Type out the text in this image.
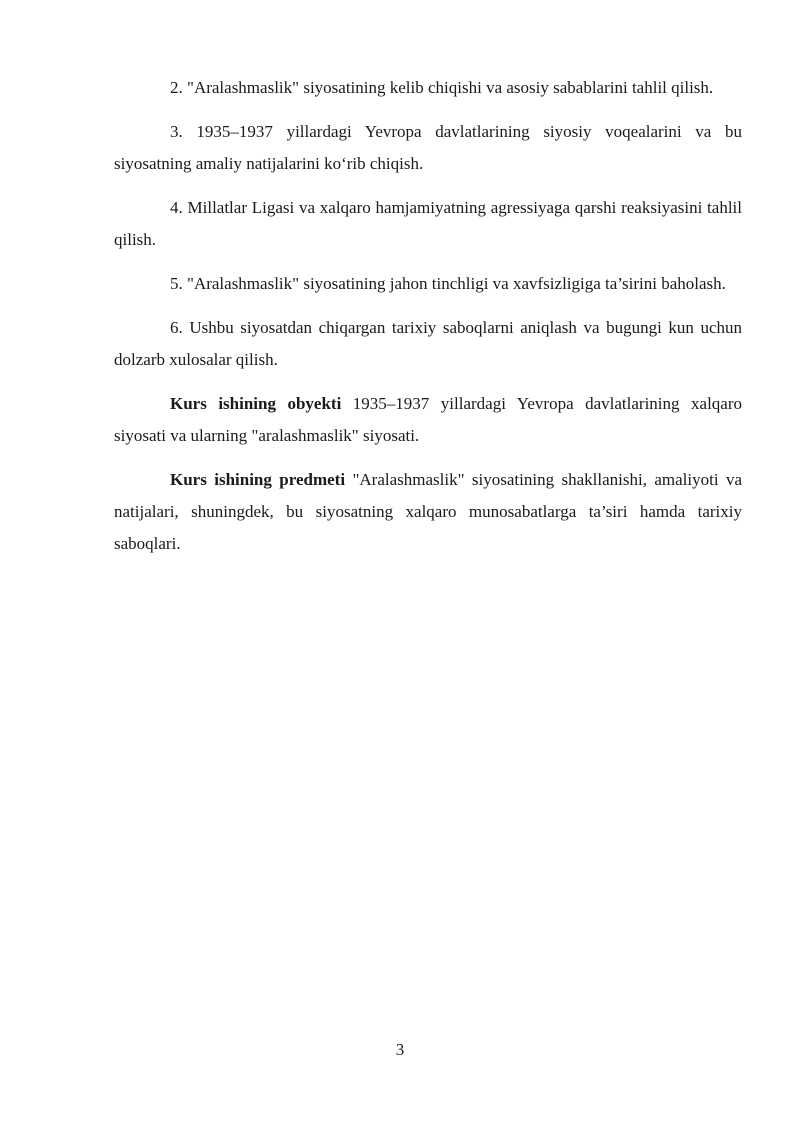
2. "Aralashmaslik" siyosatining kelib chiqishi va asosiy sabablarini tahlil qilish.

3. 1935–1937 yillardagi Yevropa davlatlarining siyosiy voqealarini va bu siyosatning amaliy natijalarini ko‘rib chiqish.

4. Millatlar Ligasi va xalqaro hamjamiyatning agressiyaga qarshi reaksiyasini tahlil qilish.

5. "Aralashmaslik" siyosatining jahon tinchligi va xavfsizligiga ta’sirini baholash.

6. Ushbu siyosatdan chiqargan tarixiy saboqlarni aniqlash va bugungi kun uchun dolzarb xulosalar qilish.

Kurs ishining obyekti 1935–1937 yillardagi Yevropa davlatlarining xalqaro siyosati va ularning "aralashmaslik" siyosati.

Kurs ishining predmeti "Aralashmaslik" siyosatining shakllanishi, amaliyoti va natijalari, shuningdek, bu siyosatning xalqaro munosabatlarga ta’siri hamda tarixiy saboqlari.

3
